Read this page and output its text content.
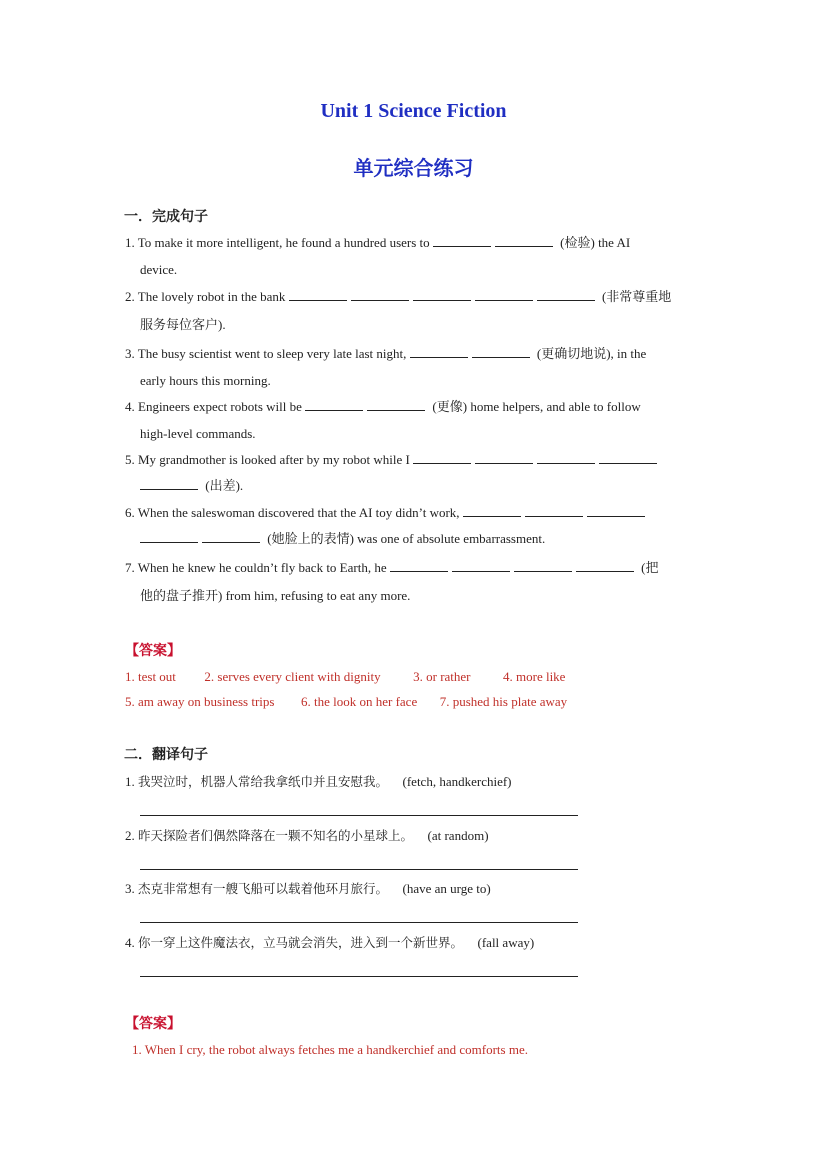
Unit 1 Science Fiction
单元综合练习
一．完成句子
1. To make it more intelligent, he found a hundred users to	(检验) the AI
device.
2. The lovely robot in the bank	(非常尊重地
服务每位客户).
3. The busy scientist went to sleep very late last night,	(更确切地说), in the
early hours this morning.
4. Engineers expect robots will be	(更像) home helpers, and able to follow
high-level commands.
5. My grandmother is looked after by my robot while I
(出差).
6. When the saleswoman discovered that the AI toy didn’t work,
(她脸上的表情) was one of absolute embarrassment.
7. When he knew he couldn’t fly back to Earth, he	(把
他的盘子推开) from him, refusing to eat any more.
【答案】
1. test out 2. serves every client with dignity	3. or rather	4. more like
5. am away on business trips 6. the look on her face 7. pushed his plate away
二．翻译句子
1. 我哭泣时，机器人常给我拿纸巾并且安慰我。 (fetch, handkerchief)
2. 昨天探险者们偶然降落在一颗不知名的小星球上。 (at random)
3. 杰克非常想有一艘飞船可以载着他环月旅行。 (have an urge to)
4. 你一穿上这件魔法衣，立马就会消失，进入到一个新世界。 (fall away)
【答案】
1. When I cry, the robot always fetches me a handkerchief and comforts me.
